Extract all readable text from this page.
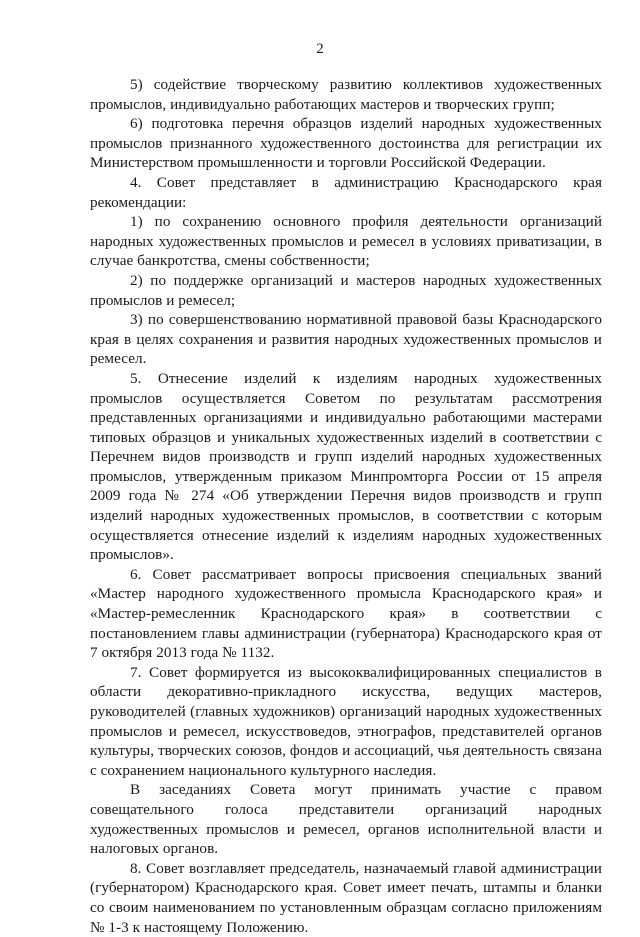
2

5) содействие творческому развитию коллективов художественных промыслов, индивидуально работающих мастеров и творческих групп;

6) подготовка перечня образцов изделий народных художественных промыслов признанного художественного достоинства для регистрации их Министерством промышленности и торговли Российской Федерации.

4. Совет представляет в администрацию Краснодарского края рекомендации:

1) по сохранению основного профиля деятельности организаций народных художественных промыслов и ремесел в условиях приватизации, в случае банкротства, смены собственности;

2) по поддержке организаций и мастеров народных художественных промыслов и ремесел;

3) по совершенствованию нормативной правовой базы Краснодарского края в целях сохранения и развития народных художественных промыслов и ремесел.

5. Отнесение изделий к изделиям народных художественных промыслов осуществляется Советом по результатам рассмотрения представленных организациями и индивидуально работающими мастерами типовых образцов и уникальных художественных изделий в соответствии с Перечнем видов производств и групп изделий народных художественных промыслов, утвержденным приказом Минпромторга России от 15 апреля 2009 года № 274 «Об утверждении Перечня видов производств и групп изделий народных художественных промыслов, в соответствии с которым осуществляется отнесение изделий к изделиям народных художественных промыслов».

6. Совет рассматривает вопросы присвоения специальных званий «Мастер народного художественного промысла Краснодарского края» и «Мастер-ремесленник Краснодарского края» в соответствии с постановлением главы администрации (губернатора) Краснодарского края от 7 октября 2013 года № 1132.

7. Совет формируется из высококвалифицированных специалистов в области декоративно-прикладного искусства, ведущих мастеров, руководителей (главных художников) организаций народных художественных промыслов и ремесел, искусствоведов, этнографов, представителей органов культуры, творческих союзов, фондов и ассоциаций, чья деятельность связана с сохранением национального культурного наследия.

В заседаниях Совета могут принимать участие с правом совещательного голоса представители организаций народных художественных промыслов и ремесел, органов исполнительной власти и налоговых органов.

8. Совет возглавляет председатель, назначаемый главой администрации (губернатором) Краснодарского края. Совет имеет печать, штампы и бланки со своим наименованием по установленным образцам согласно приложениям № 1-3 к настоящему Положению.
